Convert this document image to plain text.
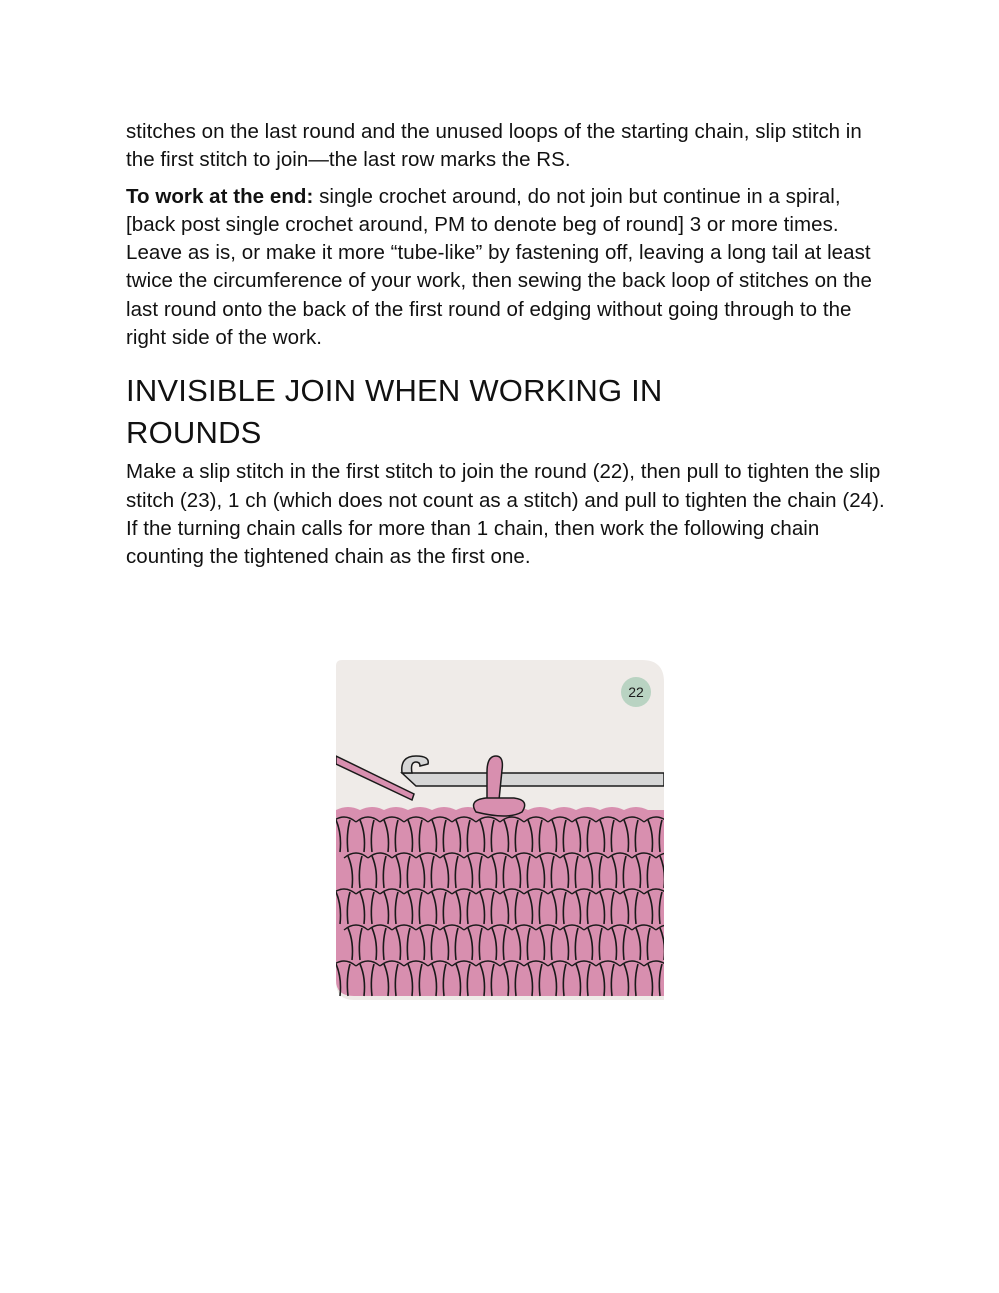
stitches on the last round and the unused loops of the starting chain, slip stitch in the first stitch to join—the last row marks the RS.

To work at the end: single crochet around, do not join but continue in a spiral, [back post single crochet around, PM to denote beg of round] 3 or more times. Leave as is, or make it more “tube-like” by fastening off, leaving a long tail at least twice the circumference of your work, then sewing the back loop of stitches on the last round onto the back of the first round of edging without going through to the right side of the work.

INVISIBLE JOIN WHEN WORKING IN ROUNDS

Make a slip stitch in the first stitch to join the round (22), then pull to tighten the slip stitch (23), 1 ch (which does not count as a stitch) and pull to tighten the chain (24). If the turning chain calls for more than 1 chain, then work the following chain counting the tightened chain as the first one.

22
